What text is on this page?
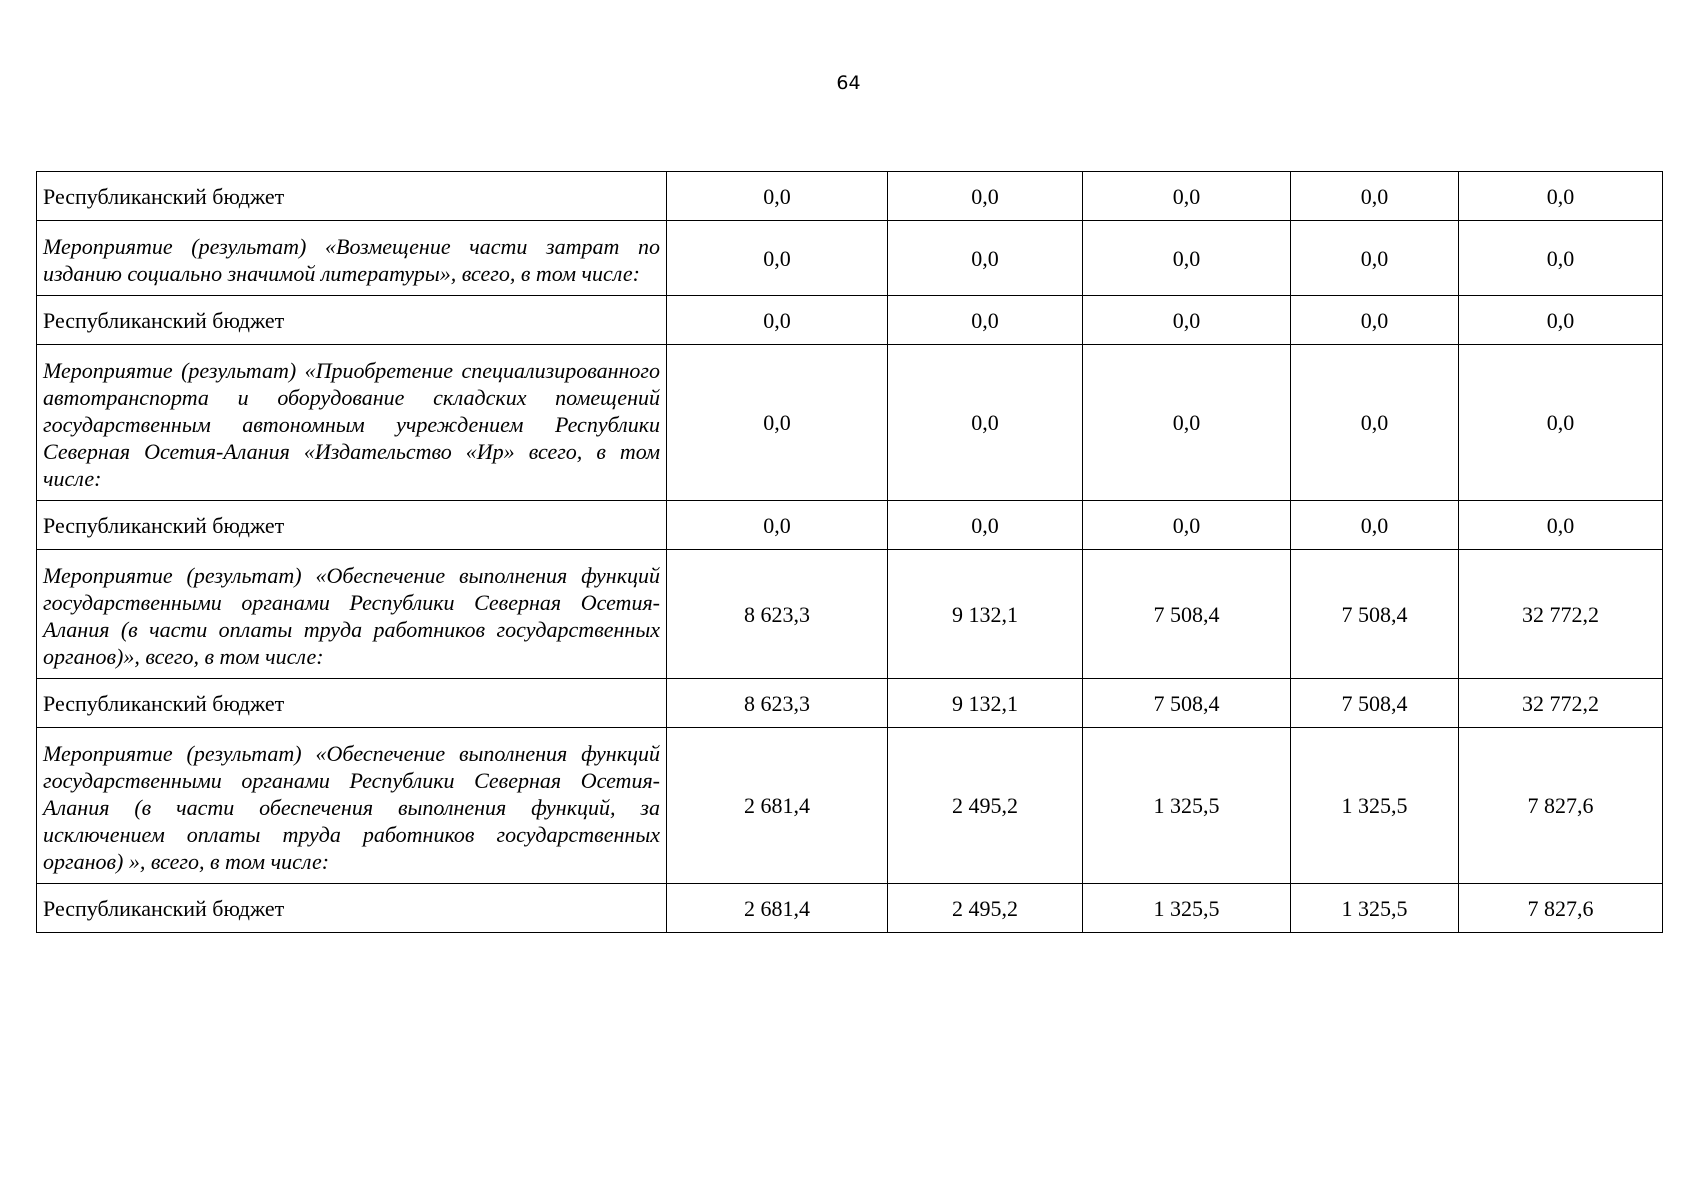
64
Республиканский бюджет	0,0	0,0	0,0	0,0	0,0
Мероприятие (результат) «Возмещение части затрат по изданию социально значимой литературы», всего, в том числе:	0,0	0,0	0,0	0,0	0,0
Республиканский бюджет	0,0	0,0	0,0	0,0	0,0
Мероприятие (результат) «Приобретение специализированного автотранспорта и оборудование складских помещений государственным автономным учреждением Республики Северная Осетия-Алания «Издательство «Ир» всего, в том числе:	0,0	0,0	0,0	0,0	0,0
Республиканский бюджет	0,0	0,0	0,0	0,0	0,0
Мероприятие (результат) «Обеспечение выполнения функций государственными органами Республики Северная Осетия-Алания (в части оплаты труда работников государственных органов)», всего, в том числе:	8 623,3	9 132,1	7 508,4	7 508,4	32 772,2
Республиканский бюджет	8 623,3	9 132,1	7 508,4	7 508,4	32 772,2
Мероприятие (результат) «Обеспечение выполнения функций государственными органами Республики Северная Осетия-Алания (в части обеспечения выполнения функций, за исключением оплаты труда работников государственных органов) », всего, в том числе:	2 681,4	2 495,2	1 325,5	1 325,5	7 827,6
Республиканский бюджет	2 681,4	2 495,2	1 325,5	1 325,5	7 827,6
